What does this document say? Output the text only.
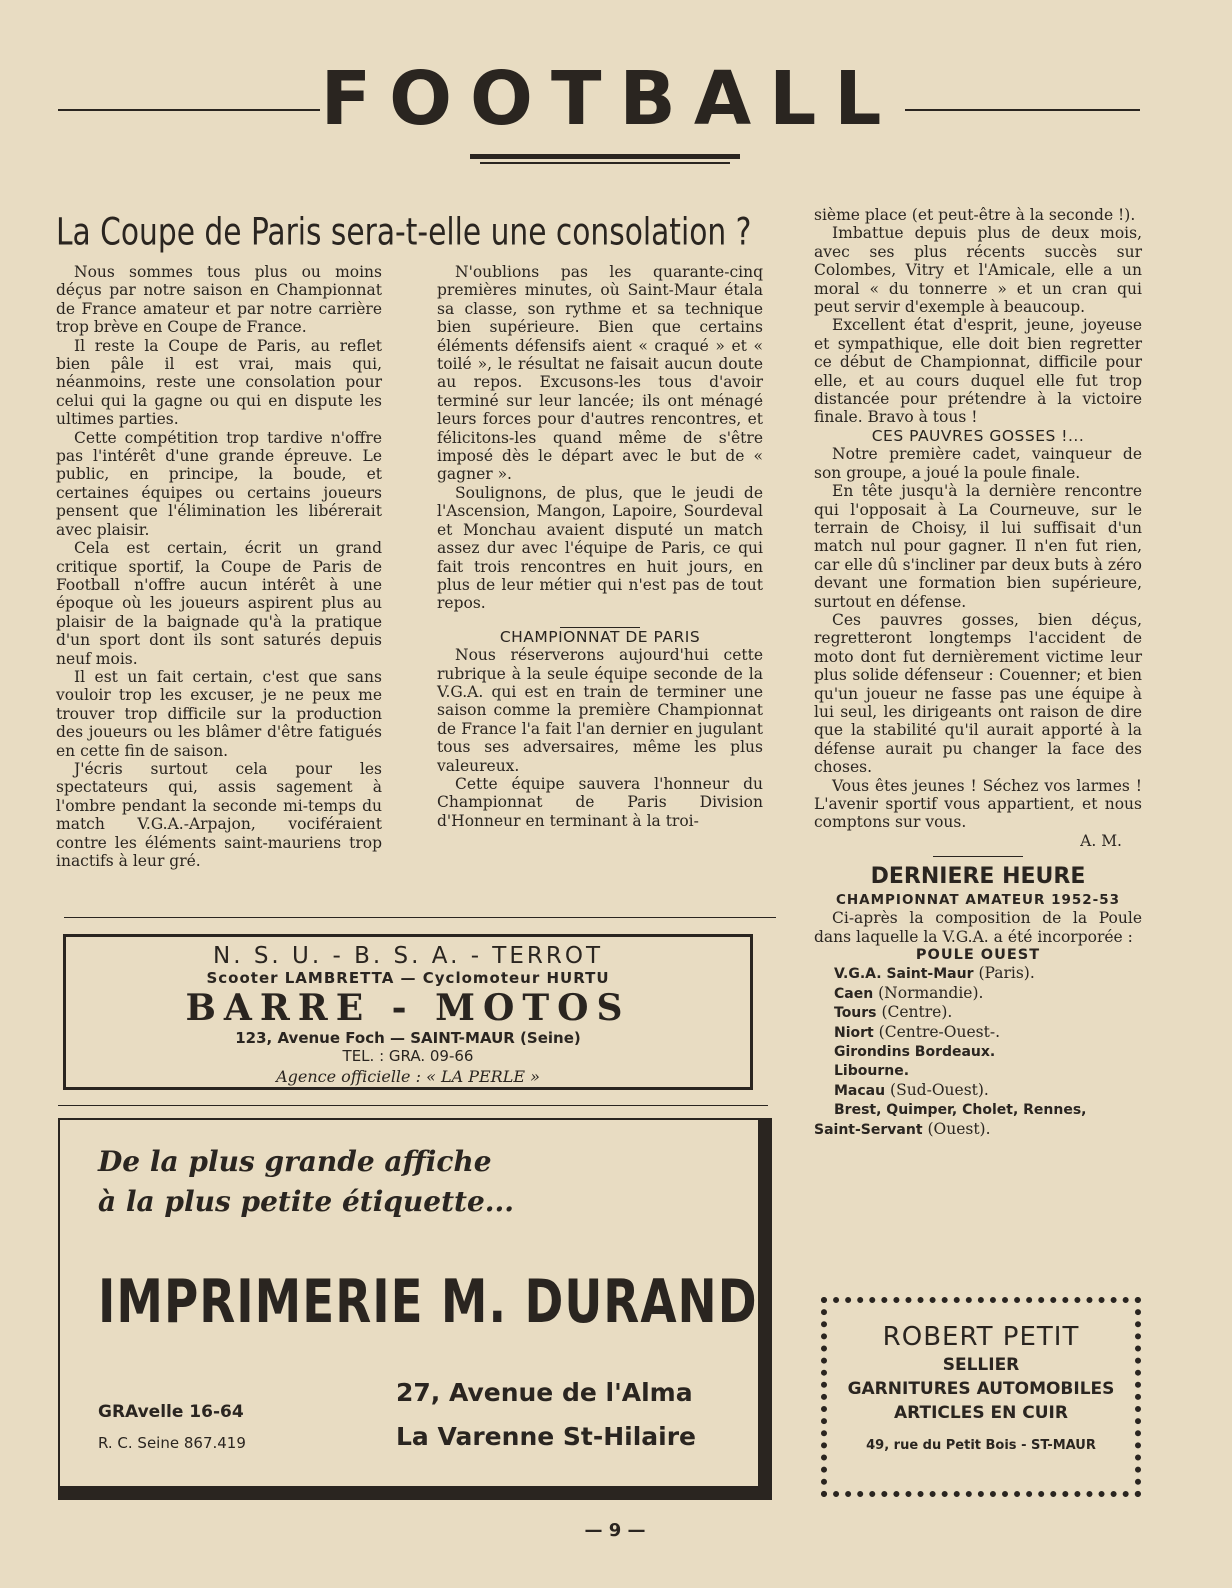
FOOTBALL
La Coupe de Paris sera-t-elle une consolation ?

Nous sommes tous plus ou moins déçus par notre saison en Championnat de France amateur et par notre carrière trop brève en Coupe de France.

Il reste la Coupe de Paris, au reflet bien pâle il est vrai, mais qui, néanmoins, reste une consolation pour celui qui la gagne ou qui en dispute les ultimes parties.

Cette compétition trop tardive n'offre pas l'intérêt d'une grande épreuve. Le public, en principe, la boude, et certaines équipes ou certains joueurs pensent que l'élimination les libérerait avec plaisir.

Cela est certain, écrit un grand critique sportif, la Coupe de Paris de Football n'offre aucun intérêt à une époque où les joueurs aspirent plus au plaisir de la baignade qu'à la pratique d'un sport dont ils sont saturés depuis neuf mois.

Il est un fait certain, c'est que sans vouloir trop les excuser, je ne peux me trouver trop difficile sur la production des joueurs ou les blâmer d'être fatigués en cette fin de saison.

J'écris surtout cela pour les spectateurs qui, assis sagement à l'ombre pendant la seconde mi-temps du match V.G.A.-Arpajon, vociféraient contre les éléments saint-mauriens trop inactifs à leur gré.

N'oublions pas les quarante-cinq premières minutes, où Saint-Maur étala sa classe, son rythme et sa technique bien supérieure. Bien que certains éléments défensifs aient « craqué » et « toilé », le résultat ne faisait aucun doute au repos. Excusons-les tous d'avoir terminé sur leur lancée; ils ont ménagé leurs forces pour d'autres rencontres, et félicitons-les quand même de s'être imposé dès le départ avec le but de « gagner ».

Soulignons, de plus, que le jeudi de l'Ascension, Mangon, Lapoire, Sourdeval et Monchau avaient disputé un match assez dur avec l'équipe de Paris, ce qui fait trois rencontres en huit jours, en plus de leur métier qui n'est pas de tout repos.

CHAMPIONNAT DE PARIS

Nous réserverons aujourd'hui cette rubrique à la seule équipe seconde de la V.G.A. qui est en train de terminer une saison comme la première Championnat de France l'a fait l'an dernier en jugulant tous ses adversaires, même les plus valeureux.

Cette équipe sauvera l'honneur du Championnat de Paris Division d'Honneur en terminant à la troi-

sième place (et peut-être à la seconde !).

Imbattue depuis plus de deux mois, avec ses plus récents succès sur Colombes, Vitry et l'Amicale, elle a un moral « du tonnerre » et un cran qui peut servir d'exemple à beaucoup.

Excellent état d'esprit, jeune, joyeuse et sympathique, elle doit bien regretter ce début de Championnat, difficile pour elle, et au cours duquel elle fut trop distancée pour prétendre à la victoire finale. Bravo à tous !

CES PAUVRES GOSSES !...

Notre première cadet, vainqueur de son groupe, a joué la poule finale.

En tête jusqu'à la dernière rencontre qui l'opposait à La Courneuve, sur le terrain de Choisy, il lui suffisait d'un match nul pour gagner. Il n'en fut rien, car elle dû s'incliner par deux buts à zéro devant une formation bien supérieure, surtout en défense.

Ces pauvres gosses, bien déçus, regretteront longtemps l'accident de moto dont fut dernièrement victime leur plus solide défenseur : Couenner; et bien qu'un joueur ne fasse pas une équipe à lui seul, les dirigeants ont raison de dire que la stabilité qu'il aurait apporté à la défense aurait pu changer la face des choses.

Vous êtes jeunes ! Séchez vos larmes ! L'avenir sportif vous appartient, et nous comptons sur vous.

A. M.

DERNIERE HEURE

CHAMPIONNAT AMATEUR 1952-53

Ci-après la composition de la Poule dans laquelle la V.G.A. a été incorporée :

POULE OUEST

V.G.A. Saint-Maur (Paris).

Caen (Normandie).

Tours (Centre).

Niort (Centre-Ouest-.

Girondins Bordeaux.

Libourne.

Macau (Sud-Ouest).

Brest, Quimper, Cholet, Rennes,

Saint-Servant (Ouest).

N. S. U. - B. S. A. - TERROT
Scooter LAMBRETTA — Cyclomoteur HURTU
BARRE - MOTOS
123, Avenue Foch — SAINT-MAUR (Seine)
TEL. : GRA. 09-66
Agence officielle : « LA PERLE »
De la plus grande affiche
à la plus petite étiquette...
IMPRIMERIE M. DURAND
GRAvelle 16-64
R. C. Seine 867.419
27, Avenue de l'Alma
La Varenne St-Hilaire
ROBERT PETIT
SELLIER
GARNITURES AUTOMOBILES
ARTICLES EN CUIR
49, rue du Petit Bois - ST-MAUR
— 9 —
